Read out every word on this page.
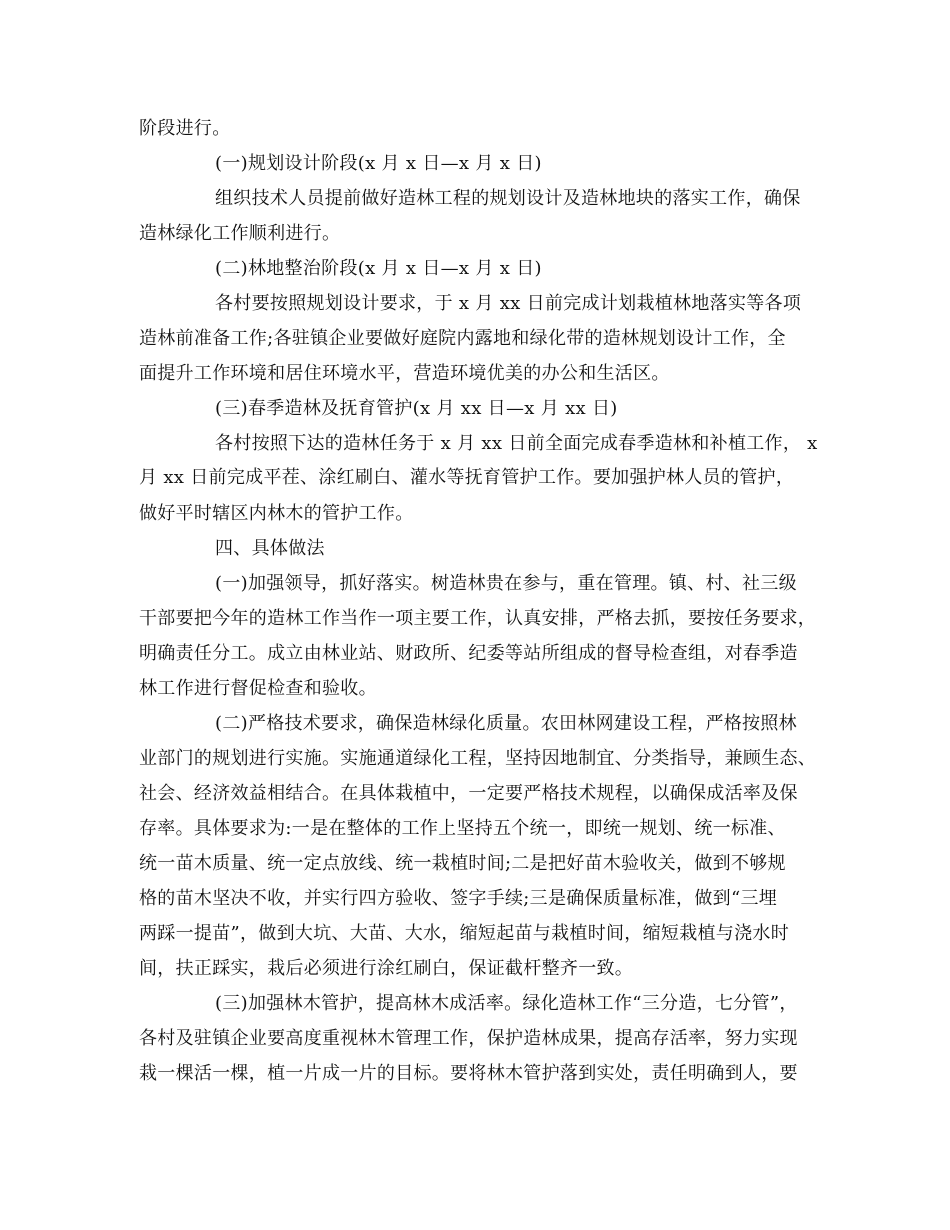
阶段进行。
(一)规划设计阶段(x 月 x 日—x 月 x 日)
组织技术人员提前做好造林工程的规划设计及造林地块的落实工作，确保
造林绿化工作顺利进行。
(二)林地整治阶段(x 月 x 日—x 月 x 日)
各村要按照规划设计要求，于 x 月 xx 日前完成计划栽植林地落实等各项
造林前准备工作;各驻镇企业要做好庭院内露地和绿化带的造林规划设计工作，全
面提升工作环境和居住环境水平，营造环境优美的办公和生活区。
(三)春季造林及抚育管护(x 月 xx 日—x 月 xx 日)
各村按照下达的造林任务于 x 月 xx 日前全面完成春季造林和补植工作， x
月 xx 日前完成平茬、涂红刷白、灌水等抚育管护工作。要加强护林人员的管护，
做好平时辖区内林木的管护工作。
四、具体做法
(一)加强领导，抓好落实。树造林贵在参与，重在管理。镇、村、社三级
干部要把今年的造林工作当作一项主要工作，认真安排，严格去抓，要按任务要求，
明确责任分工。成立由林业站、财政所、纪委等站所组成的督导检查组，对春季造
林工作进行督促检查和验收。
(二)严格技术要求，确保造林绿化质量。农田林网建设工程，严格按照林
业部门的规划进行实施。实施通道绿化工程，坚持因地制宜、分类指导，兼顾生态、
社会、经济效益相结合。在具体栽植中，一定要严格技术规程，以确保成活率及保
存率。具体要求为:一是在整体的工作上坚持五个统一，即统一规划、统一标准、
统一苗木质量、统一定点放线、统一栽植时间;二是把好苗木验收关，做到不够规
格的苗木坚决不收，并实行四方验收、签字手续;三是确保质量标准，做到“三埋
两踩一提苗”，做到大坑、大苗、大水，缩短起苗与栽植时间，缩短栽植与浇水时
间，扶正踩实，栽后必须进行涂红刷白，保证截杆整齐一致。
(三)加强林木管护，提高林木成活率。绿化造林工作“三分造，七分管”，
各村及驻镇企业要高度重视林木管理工作，保护造林成果，提高存活率，努力实现
栽一棵活一棵，植一片成一片的目标。要将林木管护落到实处，责任明确到人，要
